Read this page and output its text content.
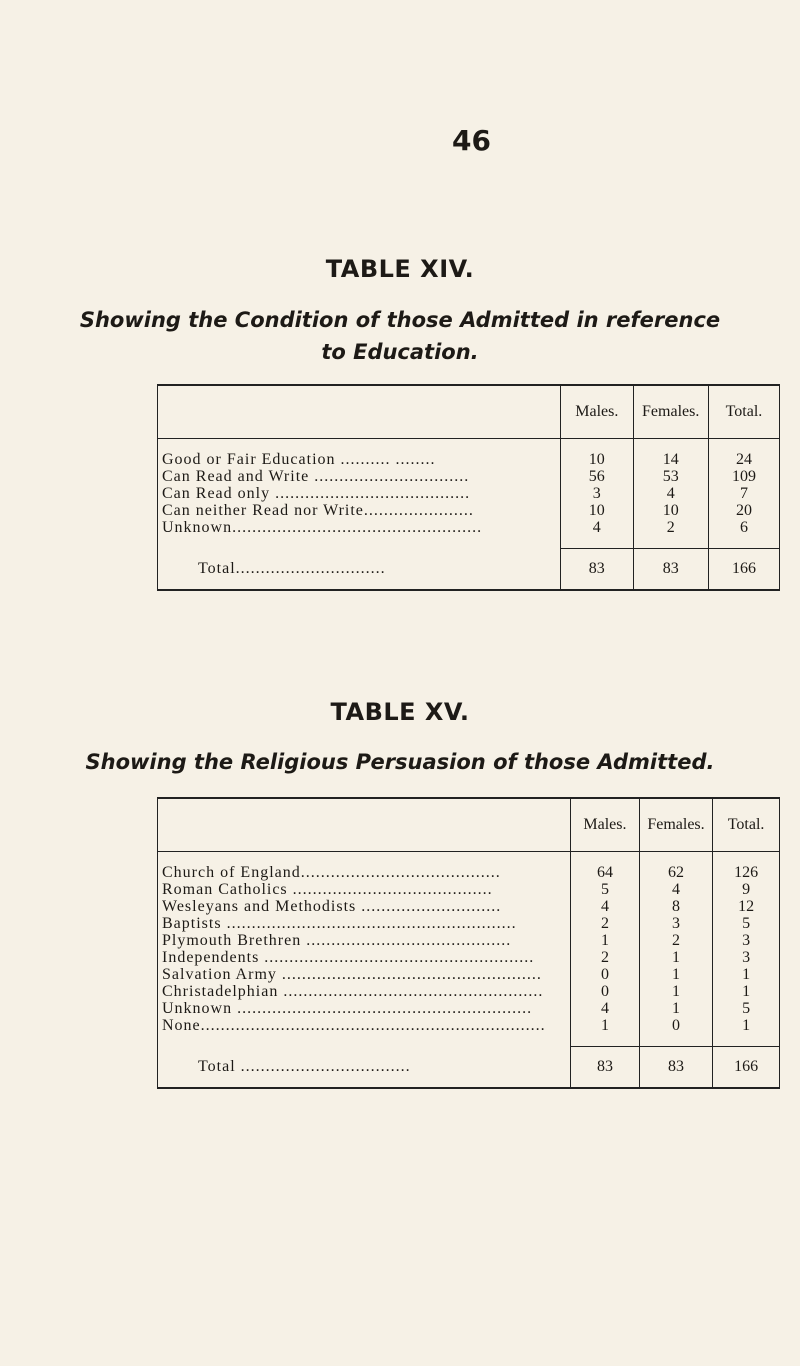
46
TABLE XIV.
Showing the Condition of those Admitted in reference
to Education.
	Males.	Females.	Total.

Good or Fair Education .......... ........	10	14	24
Can Read and Write ...............................	56	53	109
Can Read only .......................................	3	4	7
Can neither Read nor Write......................	10	10	20
Unknown..................................................	4	2	6

Total..............................	83	83	166
TABLE XV.
Showing the Religious Persuasion of those Admitted.
	Males.	Females.	Total.

Church of England........................................	64	62	126
Roman Catholics ........................................	5	4	9
Wesleyans and Methodists ............................	4	8	12
Baptists ..........................................................	2	3	5
Plymouth Brethren .........................................	1	2	3
Independents ......................................................	2	1	3
Salvation Army ....................................................	0	1	1
Christadelphian ....................................................	0	1	1
Unknown ...........................................................	4	1	5
None.....................................................................	1	0	1

Total ..................................	83	83	166
